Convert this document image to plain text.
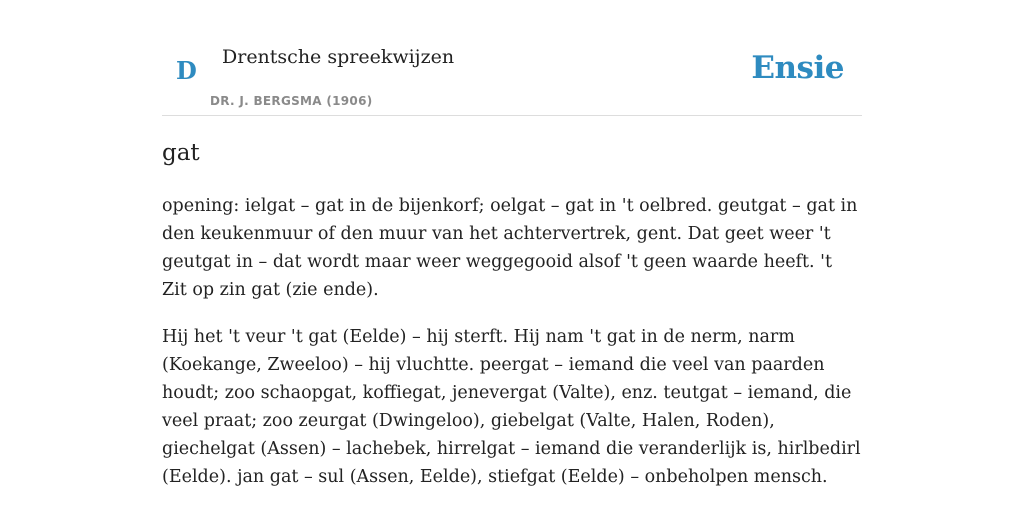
D Drentsche spreekwijzen
DR. J. BERGSMA (1906)
Ensie
gat

opening: ielgat – gat in de bijenkorf; oelgat – gat in 't oelbred. geutgat – gat in den keukenmuur of den muur van het achtervertrek, gent. Dat geet weer 't geutgat in – dat wordt maar weer weggegooid alsof 't geen waarde heeft. 't Zit op zin gat (zie ende).

Hij het 't veur 't gat (Eelde) – hij sterft. Hij nam 't gat in de nerm, narm (Koekange, Zweeloo) – hij vluchtte. peergat – iemand die veel van paarden houdt; zoo schaopgat, koffiegat, jenevergat (Valte), enz. teutgat – iemand, die veel praat; zoo zeurgat (Dwingeloo), giebelgat (Valte, Halen, Roden), giechelgat (Assen) – lachebek, hirrelgat – iemand die veranderlijk is, hirlbedirl (Eelde). jan gat – sul (Assen, Eelde), stiefgat (Eelde) – onbeholpen mensch.
